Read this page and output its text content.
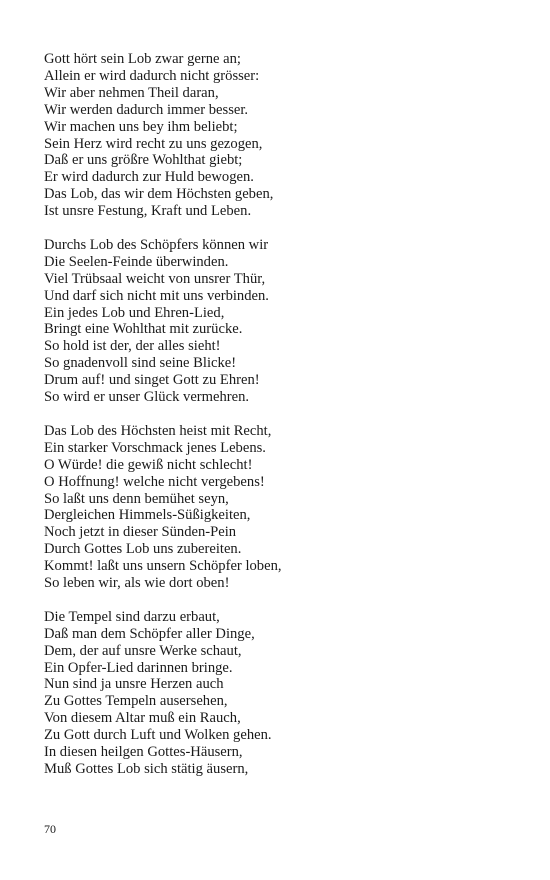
Gott hört sein Lob zwar gerne an;
Allein er wird dadurch nicht grösser:
Wir aber nehmen Theil daran,
Wir werden dadurch immer besser.
Wir machen uns bey ihm beliebt;
Sein Herz wird recht zu uns gezogen,
Daß er uns größre Wohlthat giebt;
Er wird dadurch zur Huld bewogen.
Das Lob, das wir dem Höchsten geben,
Ist unsre Festung, Kraft und Leben.
Durchs Lob des Schöpfers können wir
Die Seelen-Feinde überwinden.
Viel Trübsaal weicht von unsrer Thür,
Und darf sich nicht mit uns verbinden.
Ein jedes Lob und Ehren-Lied,
Bringt eine Wohlthat mit zurücke.
So hold ist der, der alles sieht!
So gnadenvoll sind seine Blicke!
Drum auf! und singet Gott zu Ehren!
So wird er unser Glück vermehren.
Das Lob des Höchsten heist mit Recht,
Ein starker Vorschmack jenes Lebens.
O Würde! die gewiß nicht schlecht!
O Hoffnung! welche nicht vergebens!
So laßt uns denn bemühet seyn,
Dergleichen Himmels-Süßigkeiten,
Noch jetzt in dieser Sünden-Pein
Durch Gottes Lob uns zubereiten.
Kommt! laßt uns unsern Schöpfer loben,
So leben wir, als wie dort oben!
Die Tempel sind darzu erbaut,
Daß man dem Schöpfer aller Dinge,
Dem, der auf unsre Werke schaut,
Ein Opfer-Lied darinnen bringe.
Nun sind ja unsre Herzen auch
Zu Gottes Tempeln ausersehen,
Von diesem Altar muß ein Rauch,
Zu Gott durch Luft und Wolken gehen.
In diesen heilgen Gottes-Häusern,
Muß Gottes Lob sich stätig äusern,
70
